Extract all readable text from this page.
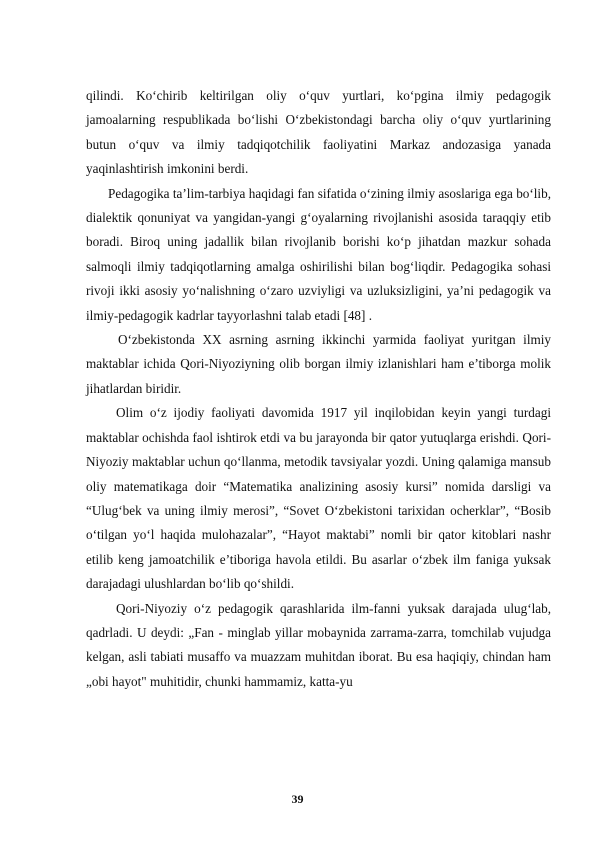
qilindi. Ko‘chirib keltirilgan oliy o‘quv yurtlari, ko‘pgina ilmiy pedagogik jamoalarning respublikada bo‘lishi O‘zbekistondagi barcha oliy o‘quv yurtlarining butun o‘quv va ilmiy tadqiqotchilik faoliyatini Markaz andozasiga yanada yaqinlashtirish imkonini berdi.

Pedagogika ta’lim-tarbiya haqidagi fan sifatida o‘zining ilmiy asoslariga ega bo‘lib, dialektik qonuniyat va yangidan-yangi g‘oyalarning rivojlanishi asosida taraqqiy etib boradi. Biroq uning jadallik bilan rivojlanib borishi ko‘p jihatdan mazkur sohada salmoqli ilmiy tadqiqotlarning amalga oshirilishi bilan bog‘liqdir. Pedagogika sohasi rivoji ikki asosiy yo‘nalishning o‘zaro uzviyligi va uzluksizligini, ya’ni pedagogik va ilmiy-pedagogik kadrlar tayyorlashni talab etadi [48] .

O‘zbekistonda XX asrning asrning ikkinchi yarmida faoliyat yuritgan ilmiy maktablar ichida Qori-Niyoziyning olib borgan ilmiy izlanishlari ham e’tiborga molik jihatlardan biridir.

Olim o‘z ijodiy faoliyati davomida 1917 yil inqilobidan keyin yangi turdagi maktablar ochishda faol ishtirok etdi va bu jarayonda bir qator yutuqlarga erishdi. Qori-Niyoziy maktablar uchun qo‘llanma, metodik tavsiyalar yozdi. Uning qalamiga mansub oliy matematikaga doir “Matematika analizining asosiy kursi” nomida darsligi va “Ulug‘bek va uning ilmiy merosi”, “Sovet O‘zbekistoni tarixidan ocherklar”, “Bosib o‘tilgan yo‘l haqida mulohazalar”, “Hayot maktabi” nomli bir qator kitoblari nashr etilib keng jamoatchilik e’tiboriga havola etildi. Bu asarlar o‘zbek ilm faniga yuksak darajadagi ulushlardan bo‘lib qo‘shildi.

Qori-Niyoziy o‘z pedagogik qarashlarida ilm-fanni yuksak darajada ulug‘lab, qadrladi. U deydi: „Fan - minglab yillar mobaynida zarrama-zarra, tomchilab vujudga kelgan, asli tabiati musaffo va muazzam muhitdan iborat. Bu esa haqiqiy, chindan ham „obi hayot" muhitidir, chunki hammamiz, katta-yu

39
